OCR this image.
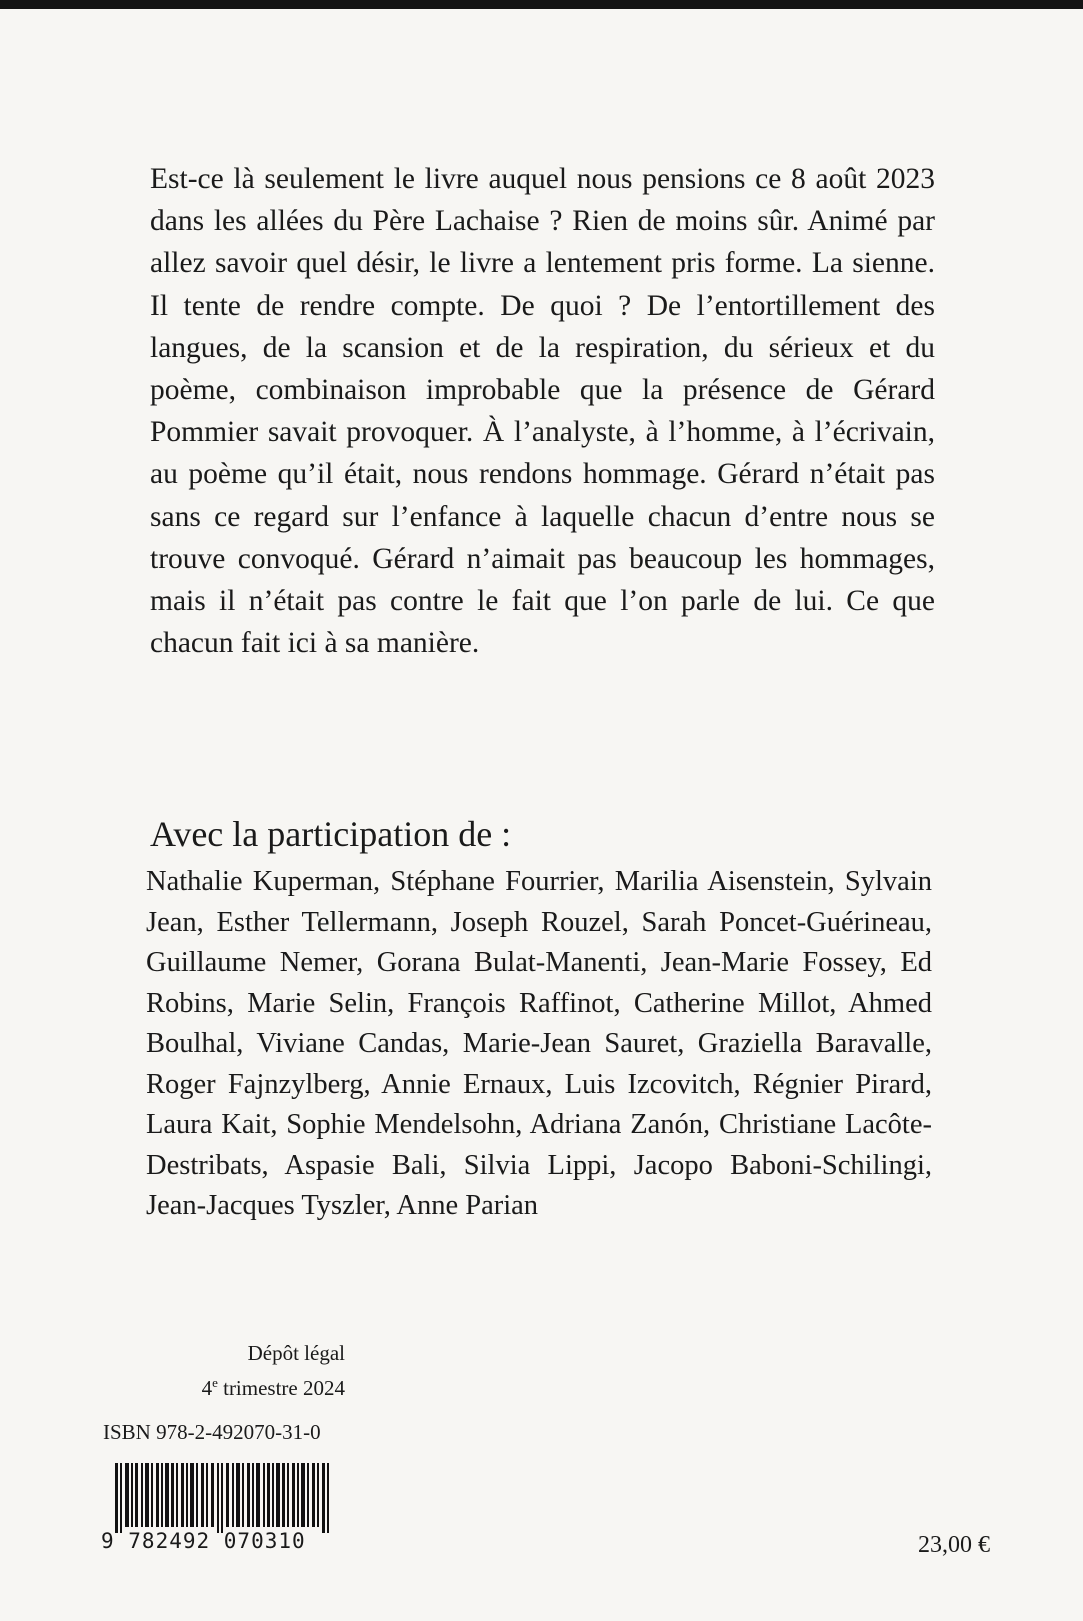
Est-ce là seulement le livre auquel nous pensions ce 8 août 2023 dans les allées du Père Lachaise ? Rien de moins sûr. Animé par allez savoir quel désir, le livre a lentement pris forme. La sienne. Il tente de rendre compte. De quoi ? De l’entortillement des langues, de la scansion et de la respiration, du sérieux et du poème, combinaison improbable que la présence de Gérard Pommier savait provoquer. À l’analyste, à l’homme, à l’écrivain, au poème qu’il était, nous rendons hommage. Gérard n’était pas sans ce regard sur l’enfance à laquelle chacun d’entre nous se trouve convoqué. Gérard n’aimait pas beaucoup les hommages, mais il n’était pas contre le fait que l’on parle de lui. Ce que chacun fait ici à sa manière.

Avec la participation de :

Nathalie Kuperman, Stéphane Fourrier, Marilia Aisenstein, Sylvain Jean, Esther Tellermann, Joseph Rouzel, Sarah Poncet-Guérineau, Guillaume Nemer, Gorana Bulat-Manenti, Jean-Marie Fossey, Ed Robins, Marie Selin, François Raffinot, Catherine Millot, Ahmed Boulhal, Viviane Candas, Marie-Jean Sauret, Graziella Baravalle, Roger Fajnzylberg, Annie Ernaux, Luis Izcovitch, Régnier Pirard, Laura Kait, Sophie Mendelsohn, Adriana Zanón, Christiane Lacôte-Destribats, Aspasie Bali, Silvia Lippi, Jacopo Baboni-Schilingi, Jean-Jacques Tyszler, Anne Parian

Dépôt légal
4e trimestre 2024
ISBN 978-2-492070-31-0
9 782492 070310	23,00 €
